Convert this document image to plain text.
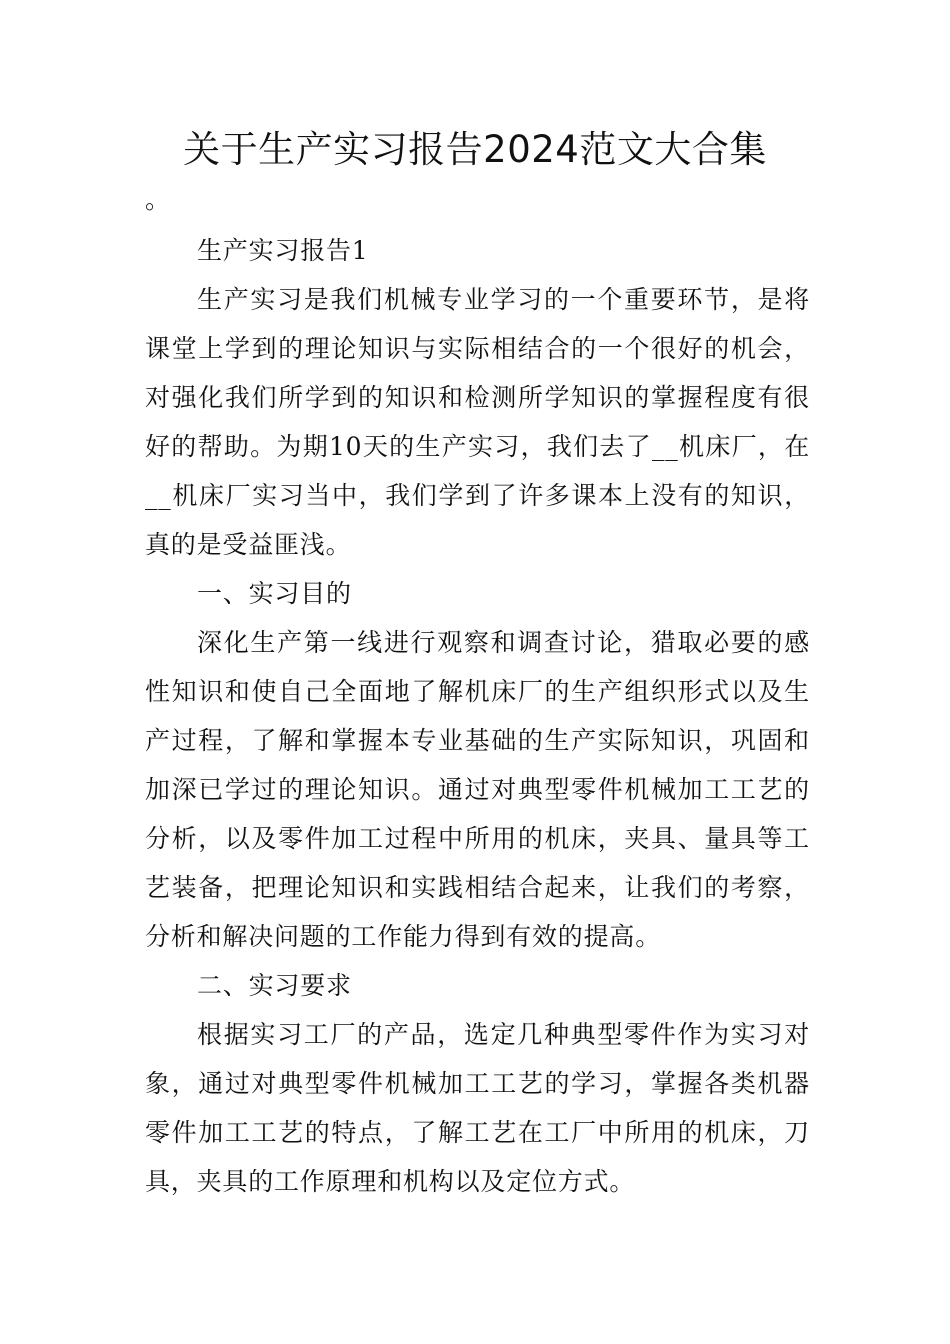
关于生产实习报告2024范文大合集

。

生产实习报告1

生产实习是我们机械专业学习的一个重要环节，是将课堂上学到的理论知识与实际相结合的一个很好的机会，对强化我们所学到的知识和检测所学知识的掌握程度有很好的帮助。为期10天的生产实习，我们去了__机床厂，在__机床厂实习当中，我们学到了许多课本上没有的知识，真的是受益匪浅。

一、实习目的

深化生产第一线进行观察和调查讨论，猎取必要的感性知识和使自己全面地了解机床厂的生产组织形式以及生产过程，了解和掌握本专业基础的生产实际知识，巩固和加深已学过的理论知识。通过对典型零件机械加工工艺的分析，以及零件加工过程中所用的机床，夹具、量具等工艺装备，把理论知识和实践相结合起来，让我们的考察，分析和解决问题的工作能力得到有效的提高。

二、实习要求

根据实习工厂的产品，选定几种典型零件作为实习对象，通过对典型零件机械加工工艺的学习，掌握各类机器零件加工工艺的特点，了解工艺在工厂中所用的机床，刀具，夹具的工作原理和机构以及定位方式。
